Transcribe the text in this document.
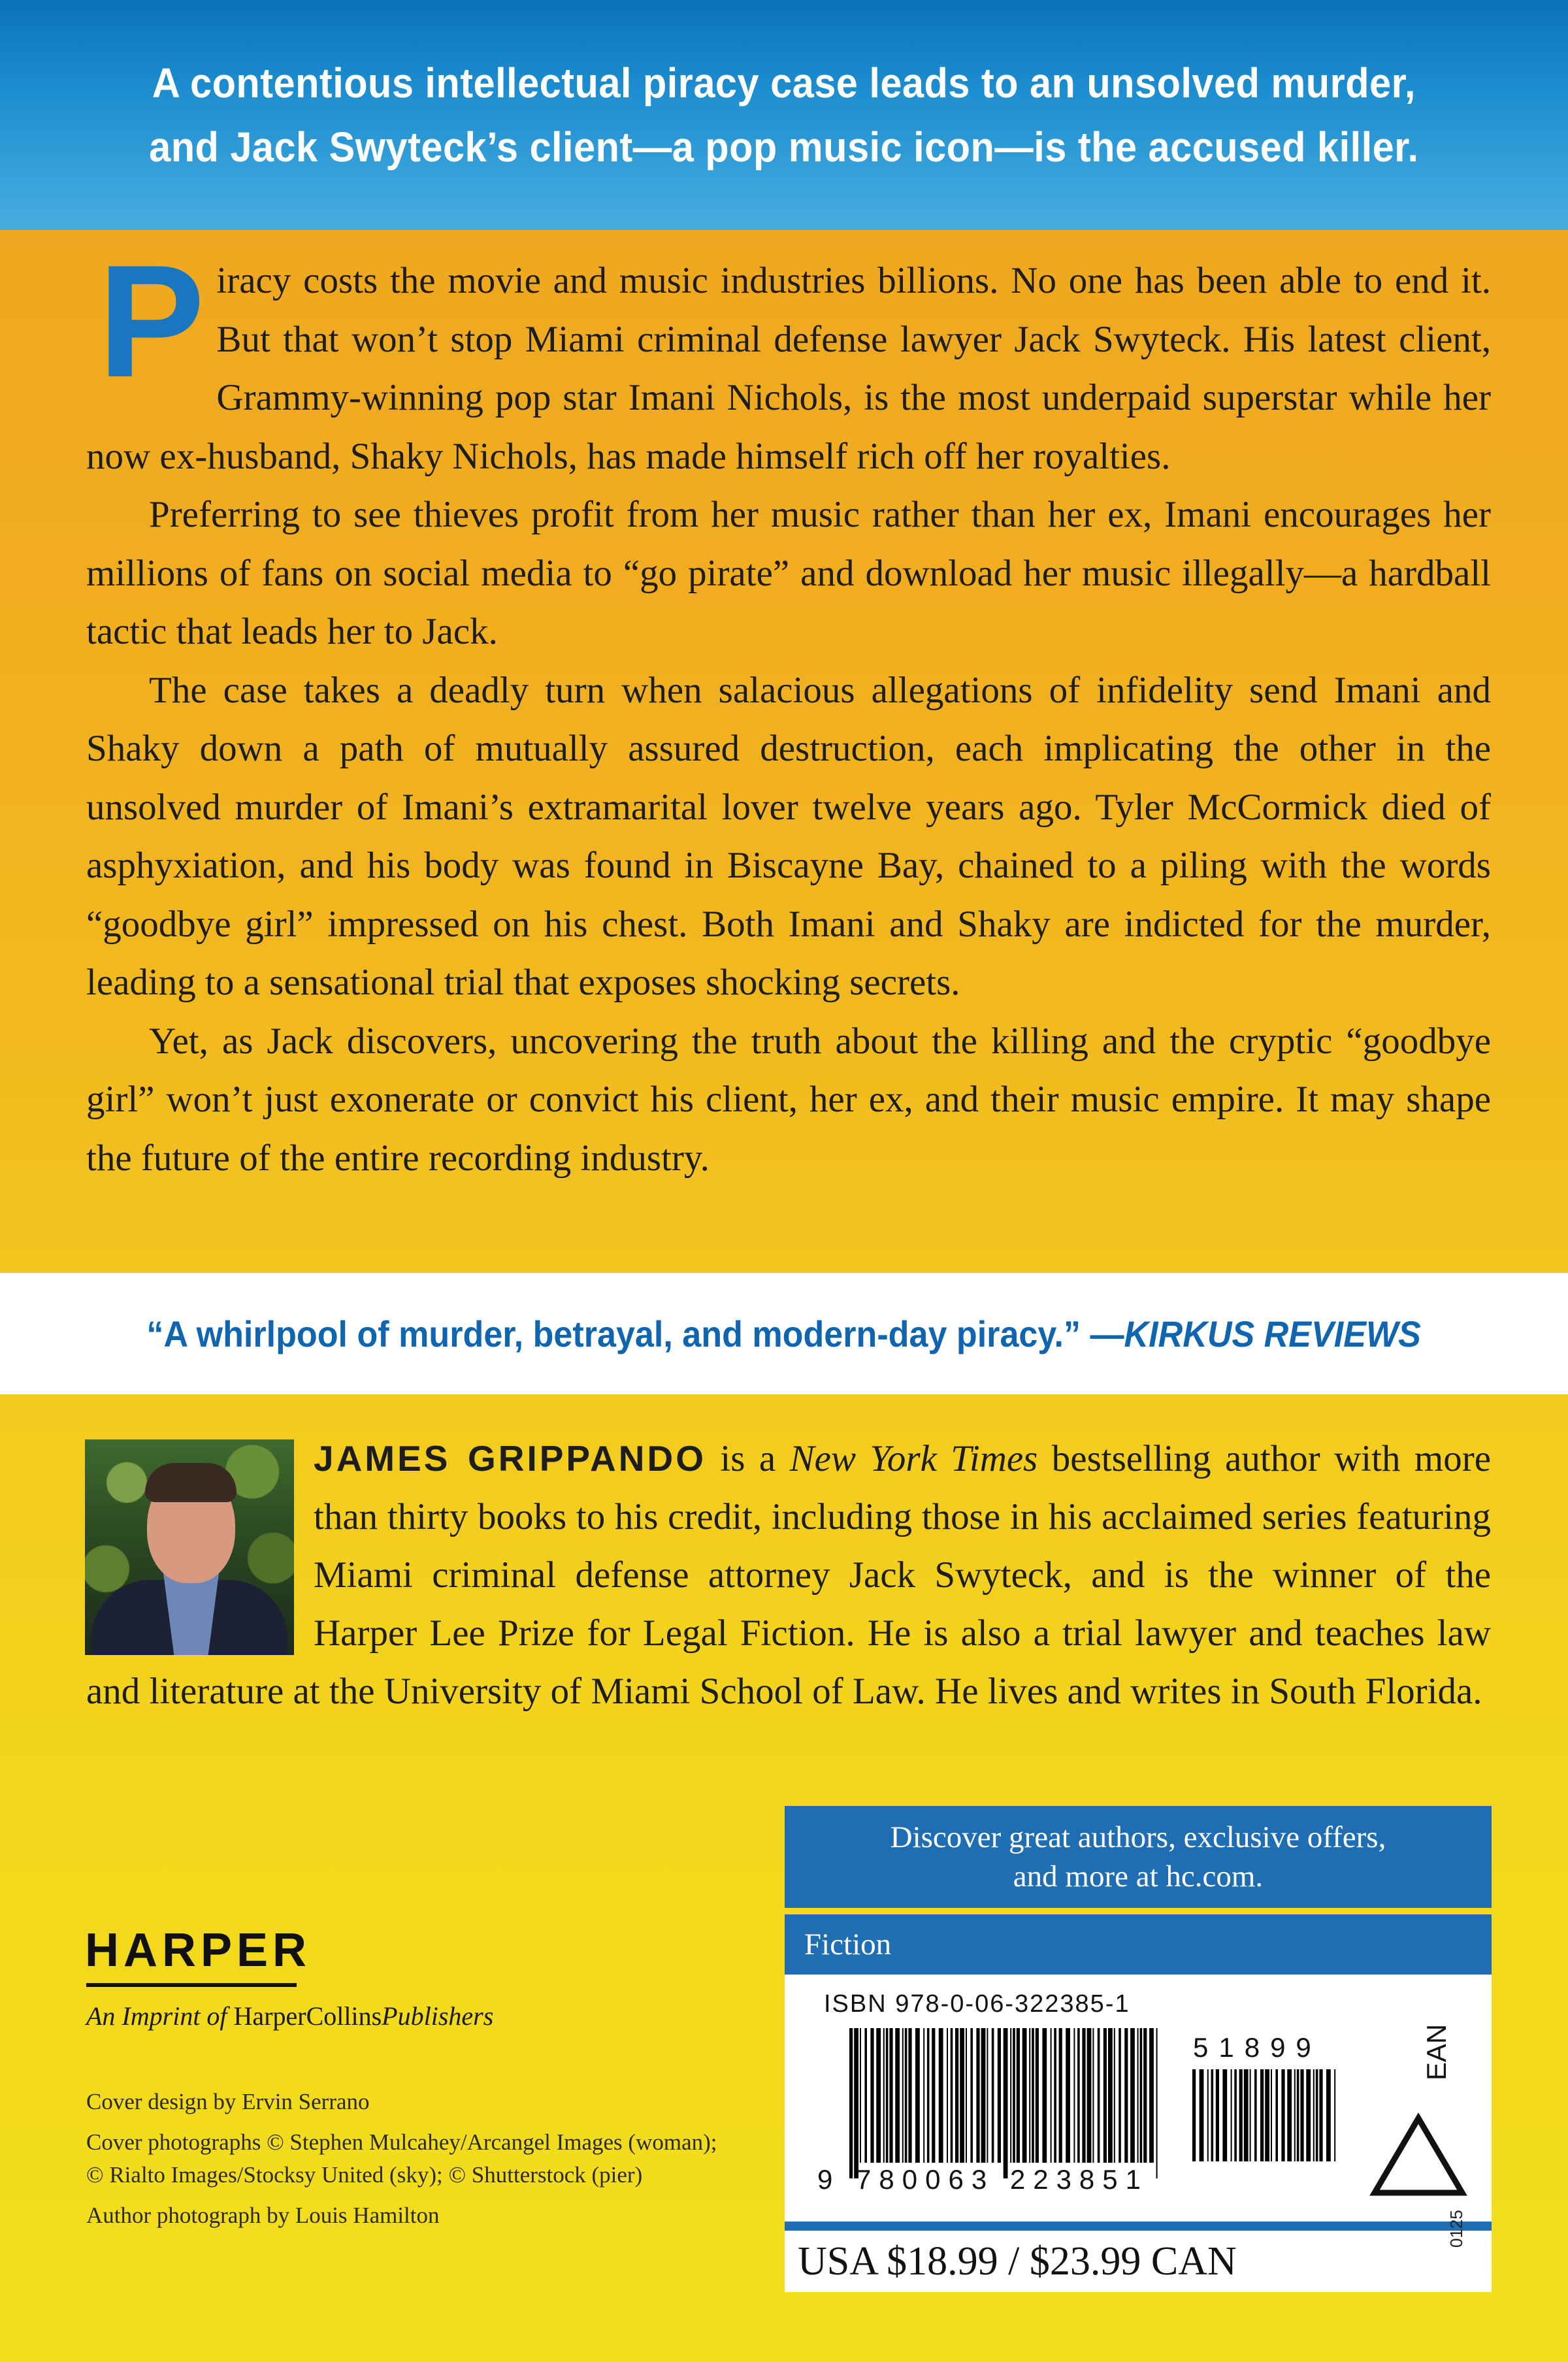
A contentious intellectual piracy case leads to an unsolved murder,
and Jack Swyteck’s client—a pop music icon—is the accused killer.

Piracy costs the movie and music industries billions. No one has been able to end it. But that won’t stop Miami criminal defense lawyer Jack Swyteck. His latest client, Grammy-winning pop star Imani Nichols, is the most underpaid superstar while her now ex-husband, Shaky Nichols, has made himself rich off her royalties.

Preferring to see thieves profit from her music rather than her ex, Imani encourages her millions of fans on social media to “go pirate” and download her music illegally—a hardball tactic that leads her to Jack.

The case takes a deadly turn when salacious allegations of infidelity send Imani and Shaky down a path of mutually assured destruction, each implicating the other in the unsolved murder of Imani’s extramarital lover twelve years ago. Tyler McCormick died of asphyxiation, and his body was found in Biscayne Bay, chained to a piling with the words “goodbye girl” impressed on his chest. Both Imani and Shaky are indicted for the murder, leading to a sensational trial that exposes shocking secrets.

Yet, as Jack discovers, uncovering the truth about the killing and the cryptic “goodbye girl” won’t just exonerate or convict his client, her ex, and their music empire. It may shape the future of the entire recording industry.

“A whirlpool of murder, betrayal, and modern-day piracy.” —KIRKUS REVIEWS
JAMES GRIPPANDO is a New York Times bestselling author with more than thirty books to his credit, including those in his acclaimed series featuring Miami criminal defense attorney Jack Swyteck, and is the winner of the Harper Lee Prize for Legal Fiction. He is also a trial lawyer and teaches law and literature at the University of Miami School of Law. He lives and writes in South Florida.
HARPER
An Imprint of HarperCollinsPublishers
Cover design by Ervin Serrano
Cover photographs © Stephen Mulcahey/Arcangel Images (woman); © Rialto Images/Stocksy United (sky); © Shutterstock (pier)
Author photograph by Louis Hamilton
Discover great authors, exclusive offers,
and more at hc.com.
Fiction
ISBN 978-0-06-322385-1
9 780063 223851
51899	EAN
USA $18.99 / $23.99 CAN
0125
